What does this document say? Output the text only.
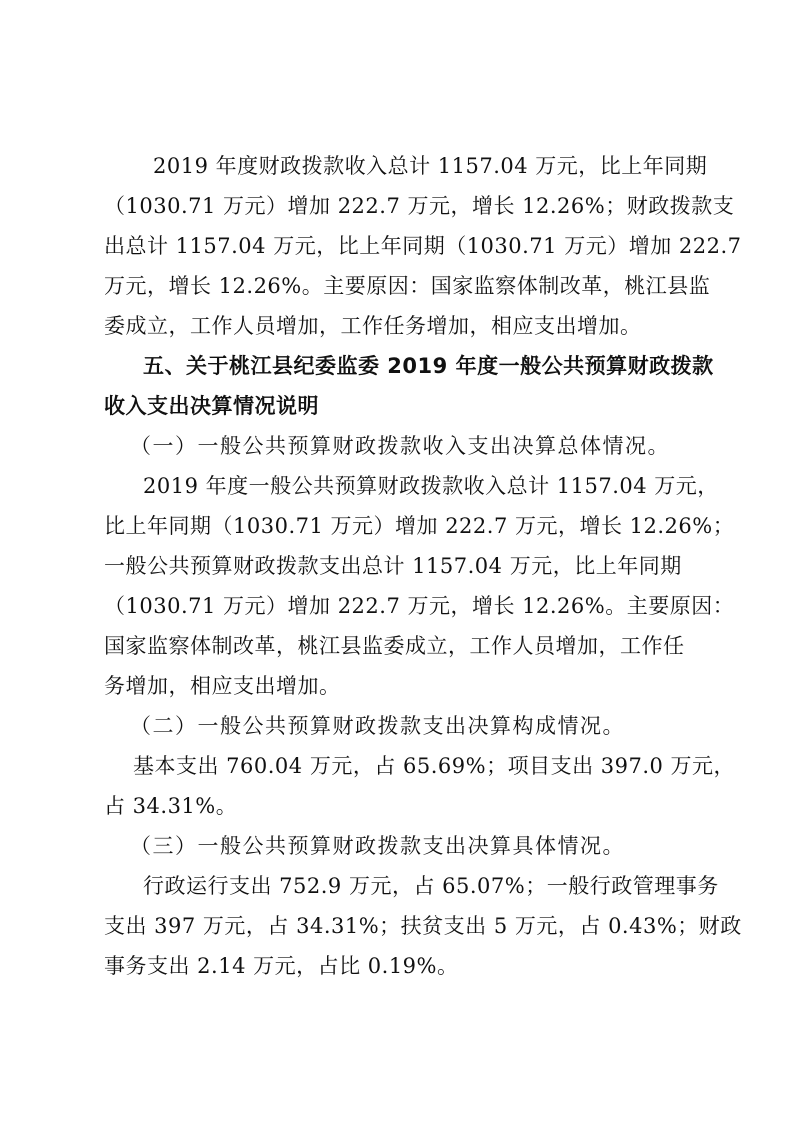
2019 年度财政拨款收入总计 1157.04 万元，比上年同期
（1030.71 万元）增加 222.7 万元，增长 12.26%；财政拨款支
出总计 1157.04 万元，比上年同期（1030.71 万元）增加 222.7
万元，增长 12.26%。主要原因：国家监察体制改革，桃江县监
委成立，工作人员增加，工作任务增加，相应支出增加。
五、关于桃江县纪委监委 2019 年度一般公共预算财政拨款
收入支出决算情况说明
（一）一般公共预算财政拨款收入支出决算总体情况。
2019 年度一般公共预算财政拨款收入总计 1157.04 万元，
比上年同期（1030.71 万元）增加 222.7 万元，增长 12.26%；
一般公共预算财政拨款支出总计 1157.04 万元，比上年同期
（1030.71 万元）增加 222.7 万元，增长 12.26%。主要原因：
国家监察体制改革，桃江县监委成立，工作人员增加，工作任
务增加，相应支出增加。
（二）一般公共预算财政拨款支出决算构成情况。
基本支出 760.04 万元，占 65.69%；项目支出 397.0 万元，
占 34.31%。
（三）一般公共预算财政拨款支出决算具体情况。
行政运行支出 752.9 万元，占 65.07%；一般行政管理事务
支出 397 万元，占 34.31%；扶贫支出 5 万元，占 0.43%；财政
事务支出 2.14 万元，占比 0.19%。
